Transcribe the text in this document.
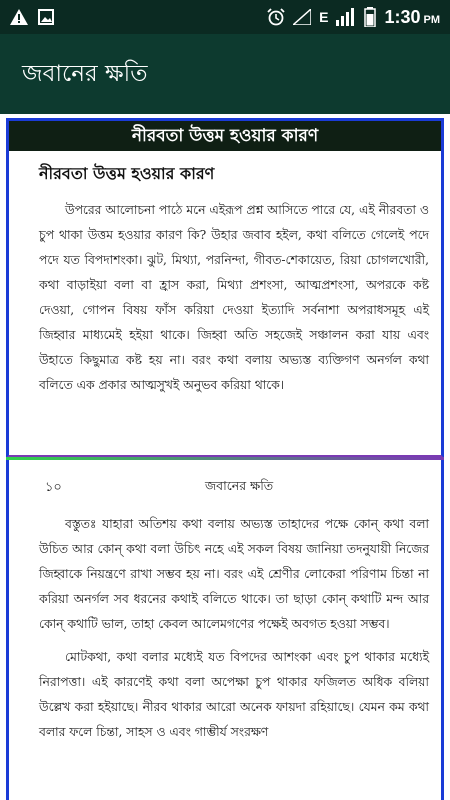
E	1:30 PM
জবানের ক্ষতি
নীরবতা উত্তম হওয়ার কারণ
নীরবতা উত্তম হওয়ার কারণ

উপরের আলোচনা পাঠে মনে এইরূপ প্রশ্ন আসিতে পারে যে, এই নীরবতা ও চুপ থাকা উত্তম হওয়ার কারণ কি? উহার জবাব হইল, কথা বলিতে গেলেই পদে পদে যত বিপদাশংকা। ঝুট, মিথ্যা, পরনিন্দা, গীবত-শেকায়েত, রিয়া চোগলখোরী, কথা বাড়াইয়া বলা বা হ্রাস করা, মিথ্যা প্রশংসা, আত্মপ্রশংসা, অপরকে কষ্ট দেওয়া, গোপন বিষয় ফাঁস করিয়া দেওয়া ইত্যাদি সর্বনাশা অপরাধসমূহ এই জিহ্বার মাধ্যমেই হইয়া থাকে। জিহ্বা অতি সহজেই সঞ্চালন করা যায় এবং উহাতে কিছুমাত্র কষ্ট হয় না। বরং কথা বলায় অভ্যস্ত ব্যক্তিগণ অনর্গল কথা বলিতে এক প্রকার আত্মসুখই অনুভব করিয়া থাকে।

১০	জবানের ক্ষতি

বস্তুতঃ যাহারা অতিশয় কথা বলায় অভ্যস্ত তাহাদের পক্ষে কোন্ কথা বলা উচিত আর কোন্ কথা বলা উচিৎ নহে এই সকল বিষয় জানিয়া তদনুযায়ী নিজের জিহ্বাকে নিয়ন্ত্রণে রাখা সম্ভব হয় না। বরং এই শ্রেণীর লোকেরা পরিণাম চিন্তা না করিয়া অনর্গল সব ধরনের কথাই বলিতে থাকে। তা ছাড়া কোন্ কথাটি মন্দ আর কোন্ কথাটি ভাল, তাহা কেবল আলেমগণের পক্ষেই অবগত হওয়া সম্ভব।

মোটকথা, কথা বলার মধ্যেই যত বিপদের আশংকা এবং চুপ থাকার মধ্যেই নিরাপত্তা। এই কারণেই কথা বলা অপেক্ষা চুপ থাকার ফজিলত অধিক বলিয়া উল্লেখ করা হইয়াছে। নীরব থাকার আরো অনেক ফায়দা রহিয়াছে। যেমন কম কথা বলার ফলে চিন্তা, সাহস ও এবং গাম্ভীর্য সংরক্ষণ
